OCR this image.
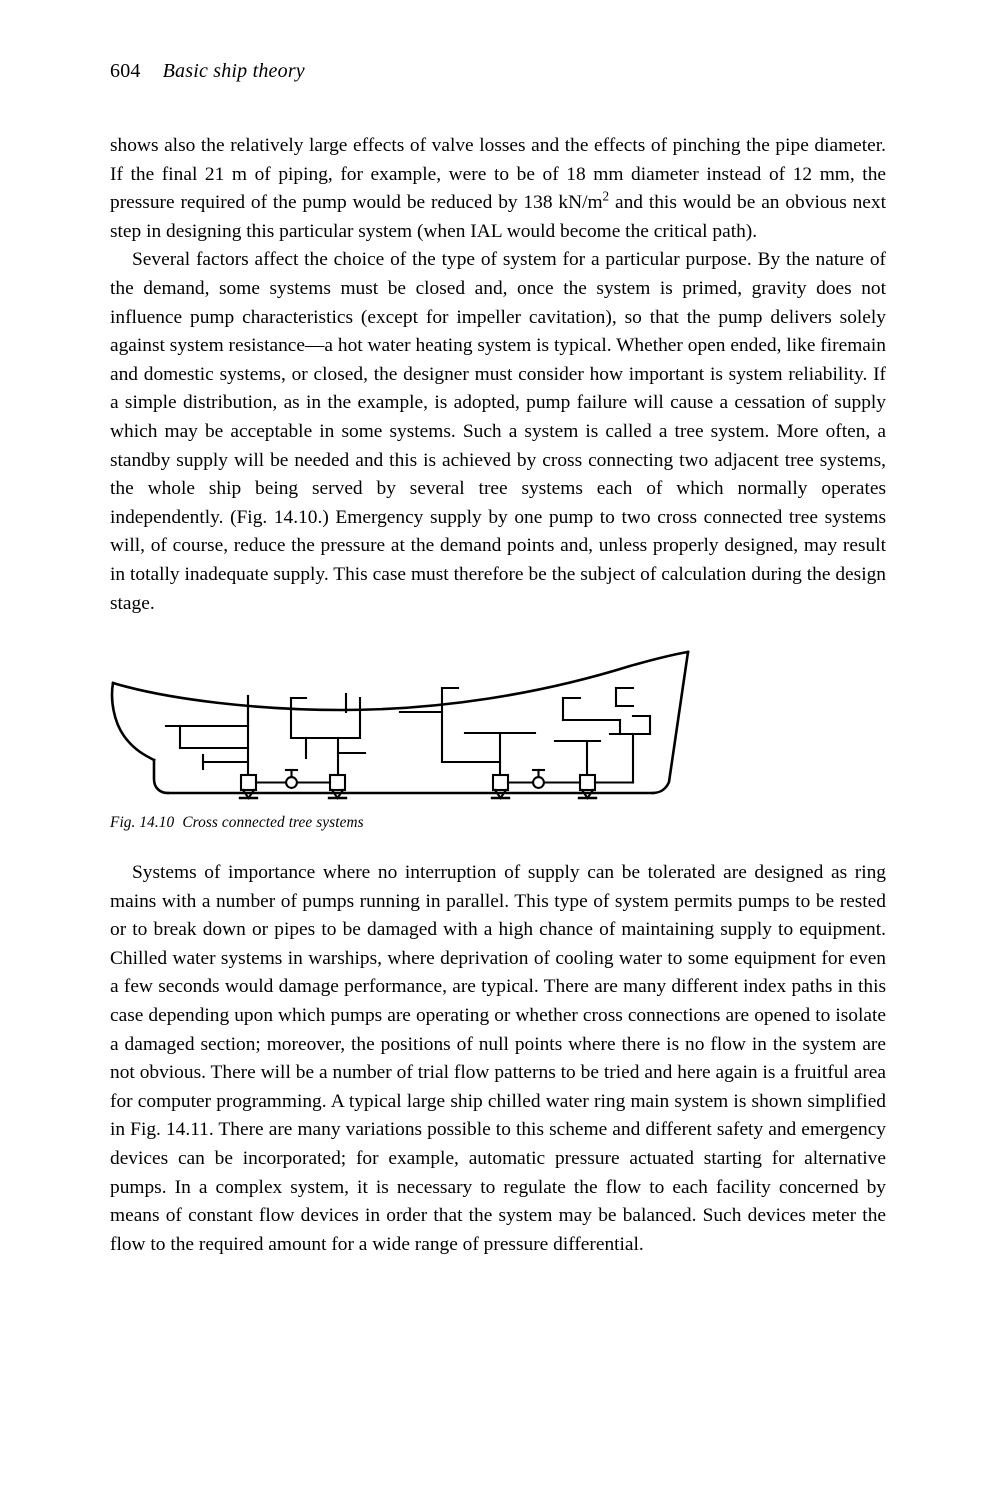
604 Basic ship theory

shows also the relatively large effects of valve losses and the effects of pinching the pipe diameter. If the final 21 m of piping, for example, were to be of 18 mm diameter instead of 12 mm, the pressure required of the pump would be reduced by 138 $kN/m^2$ and this would be an obvious next step in designing this particular system (when IAL would become the critical path).

Several factors affect the choice of the type of system for a particular purpose. By the nature of the demand, some systems must be closed and, once the system is primed, gravity does not influence pump characteristics (except for impeller cavitation), so that the pump delivers solely against system resistance—a hot water heating system is typical. Whether open ended, like firemain and domestic systems, or closed, the designer must consider how important is system reliability. If a simple distribution, as in the example, is adopted, pump failure will cause a cessation of supply which may be acceptable in some systems. Such a system is called a tree system. More often, a standby supply will be needed and this is achieved by cross connecting two adjacent tree systems, the whole ship being served by several tree systems each of which normally operates independently. (Fig. 14.10.) Emergency supply by one pump to two cross connected tree systems will, of course, reduce the pressure at the demand points and, unless properly designed, may result in totally inadequate supply. This case must therefore be the subject of calculation during the design stage.

Fig. 14.10 Cross connected tree systems

Systems of importance where no interruption of supply can be tolerated are designed as ring mains with a number of pumps running in parallel. This type of system permits pumps to be rested or to break down or pipes to be damaged with a high chance of maintaining supply to equipment. Chilled water systems in warships, where deprivation of cooling water to some equipment for even a few seconds would damage performance, are typical. There are many different index paths in this case depending upon which pumps are operating or whether cross connections are opened to isolate a damaged section; moreover, the positions of null points where there is no flow in the system are not obvious. There will be a number of trial flow patterns to be tried and here again is a fruitful area for computer programming. A typical large ship chilled water ring main system is shown simplified in Fig. 14.11. There are many variations possible to this scheme and different safety and emergency devices can be incorporated; for example, automatic pressure actuated starting for alternative pumps. In a complex system, it is necessary to regulate the flow to each facility concerned by means of constant flow devices in order that the system may be balanced. Such devices meter the flow to the required amount for a wide range of pressure differential.
